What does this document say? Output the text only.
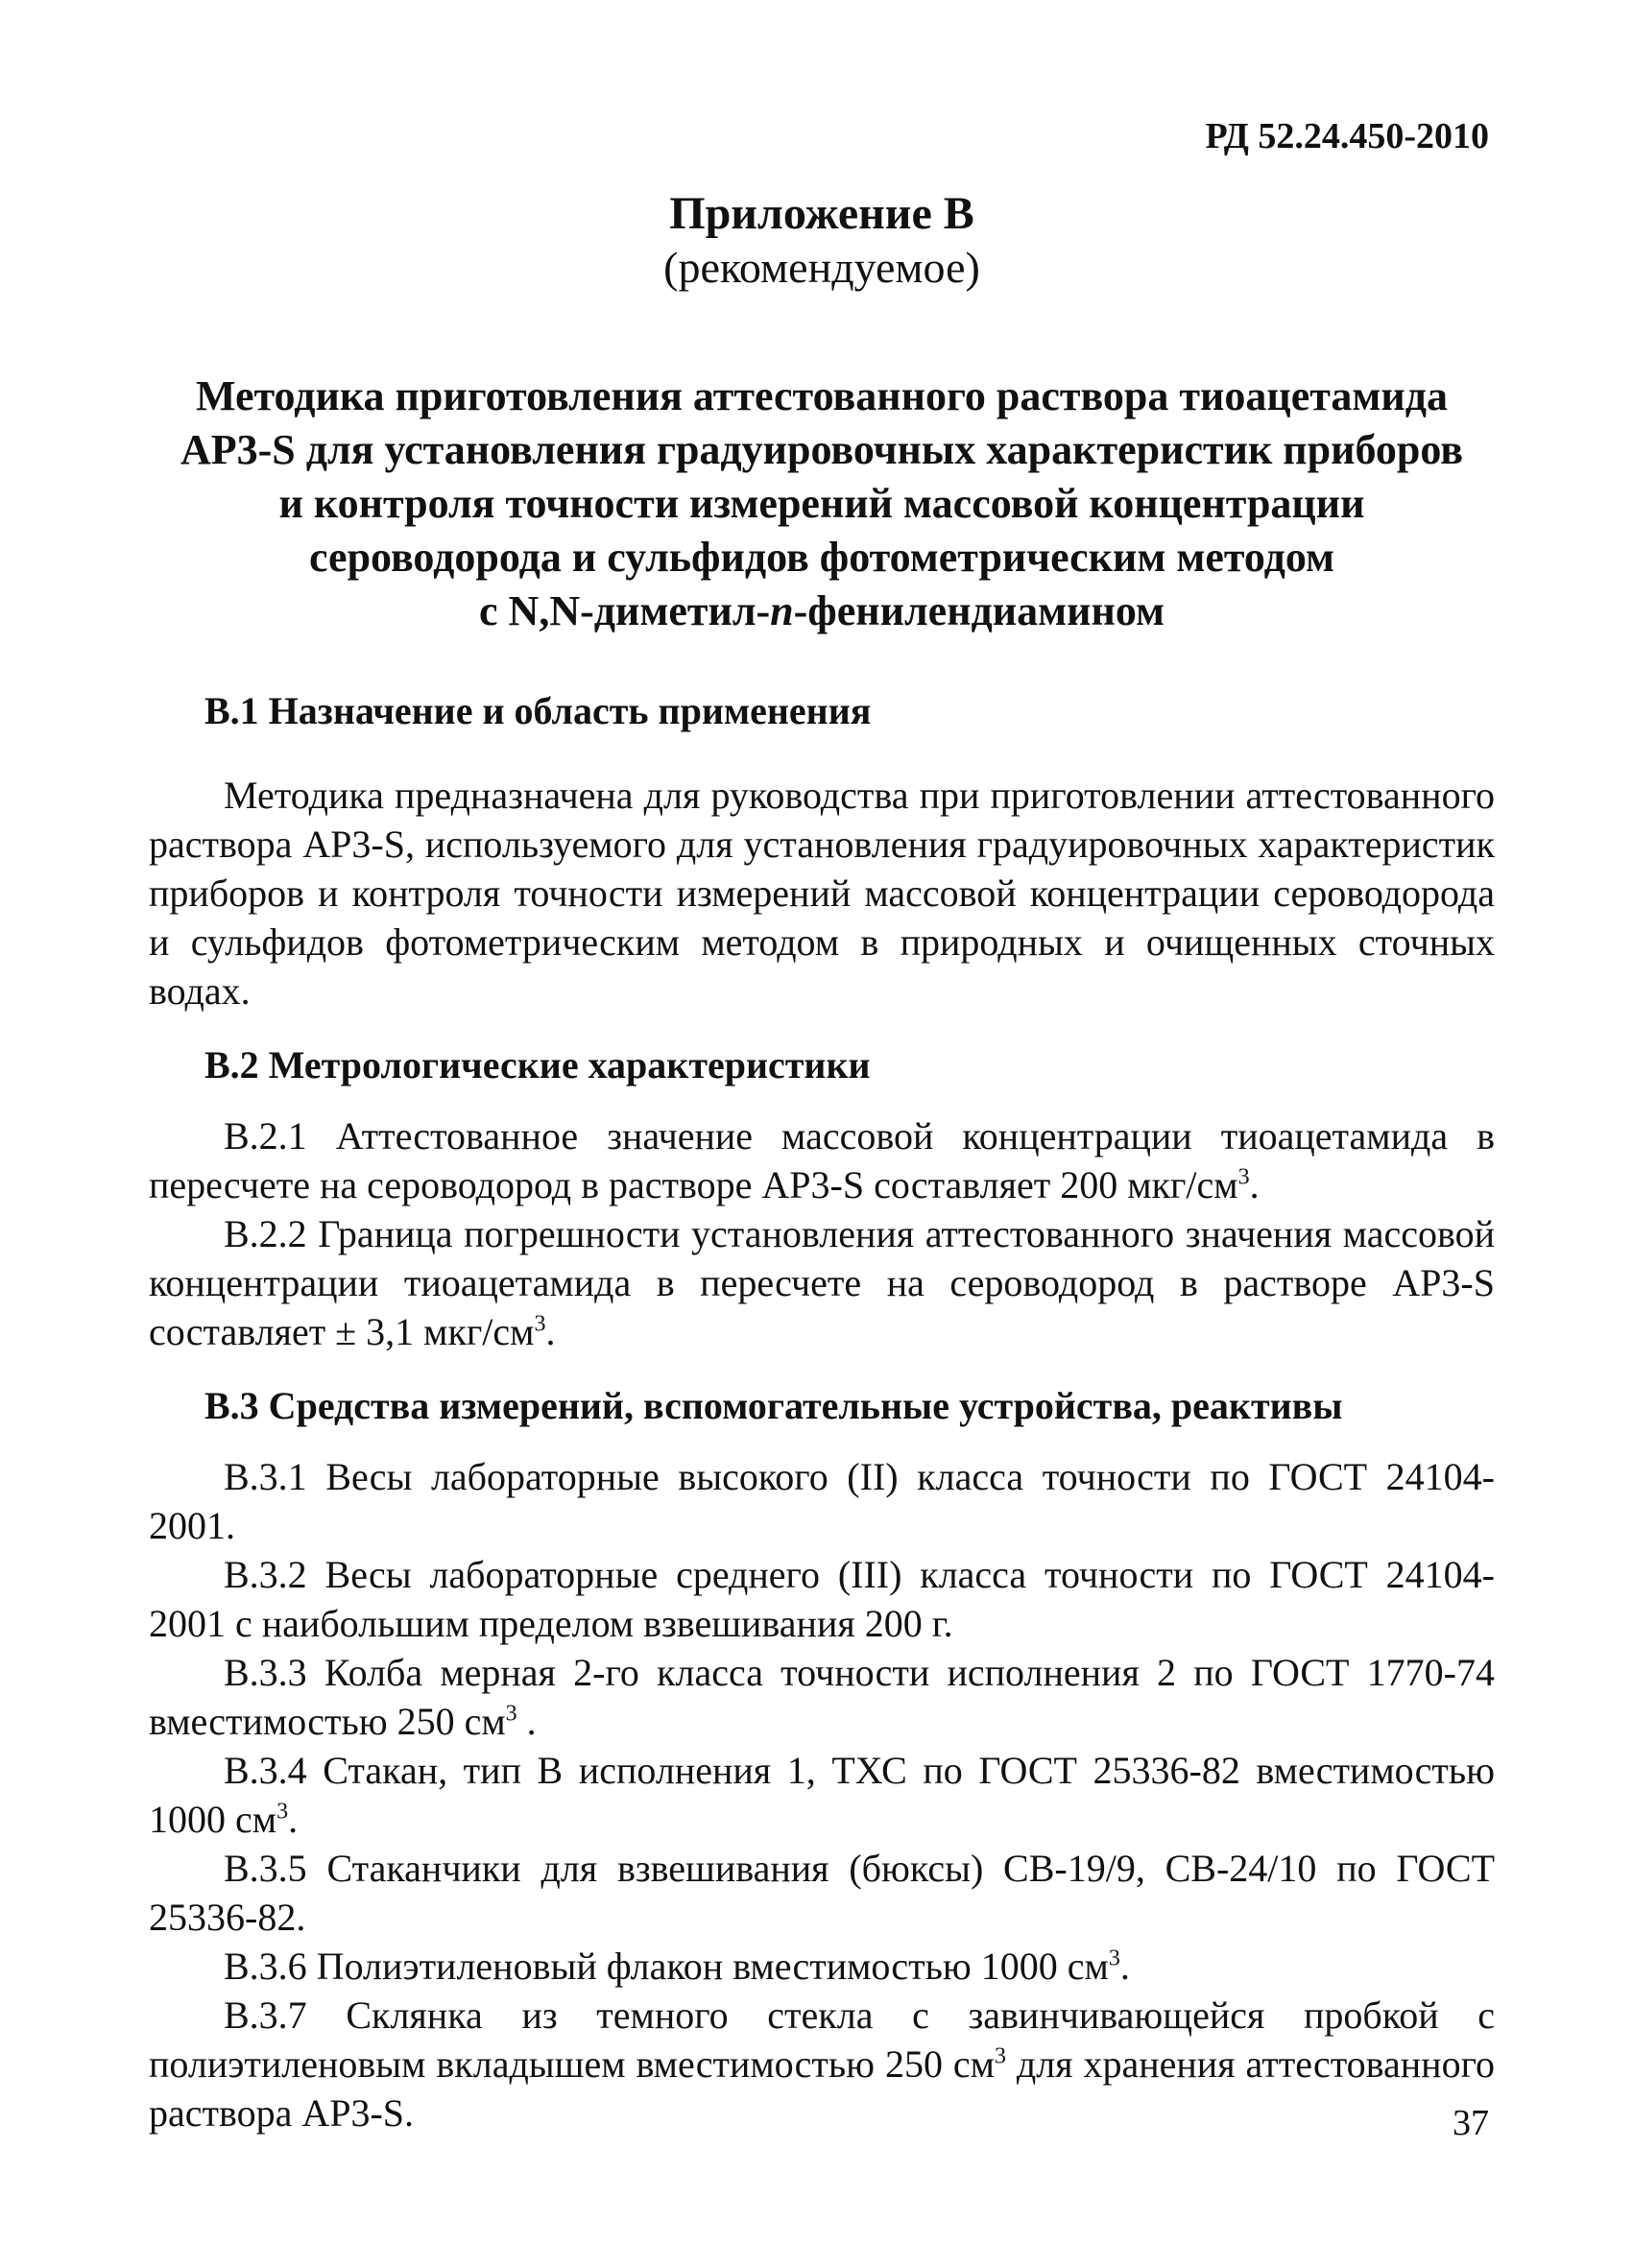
РД 52.24.450-2010
Приложение В
(рекомендуемое)
Методика приготовления аттестованного раствора тиоацетамида
АР3-S для установления градуировочных характеристик приборов
и контроля точности измерений массовой концентрации
сероводорода и сульфидов фотометрическим методом
с N,N-диметил-п-фенилендиамином
В.1 Назначение и область применения

Методика предназначена для руководства при приготовлении аттестованного раствора АР3-S, используемого для установления градуировочных характеристик приборов и контроля точности измерений массовой концентрации сероводорода и сульфидов фотометрическим методом в природных и очищенных сточных водах.

В.2 Метрологические характеристики

В.2.1 Аттестованное значение массовой концентрации тиоацетамида в пересчете на сероводород в растворе АР3-S составляет 200 мкг/$см^3$.

В.2.2 Граница погрешности установления аттестованного значения массовой концентрации тиоацетамида в пересчете на сероводород в растворе АР3-S составляет ± 3,1 мкг/$см^3$.

В.3 Средства измерений, вспомогательные устройства, реактивы

В.3.1 Весы лабораторные высокого (II) класса точности по ГОСТ 24104-2001.

В.3.2 Весы лабораторные среднего (III) класса точности по ГОСТ 24104-2001 с наибольшим пределом взвешивания 200 г.

В.3.3 Колба мерная 2-го класса точности исполнения 2 по ГОСТ 1770-74 вместимостью 250 $см^3$ .

В.3.4 Стакан, тип В исполнения 1, ТХС по ГОСТ 25336-82 вместимостью 1000 $см^3$.

В.3.5 Стаканчики для взвешивания (бюксы) СВ-19/9, СВ-24/10 по ГОСТ 25336-82.

В.3.6 Полиэтиленовый флакон вместимостью 1000 $см^3$.

В.3.7 Склянка из темного стекла с завинчивающейся пробкой с полиэтиленовым вкладышем вместимостью 250 $см^3$ для хранения аттестованного раствора АР3-S.	37
